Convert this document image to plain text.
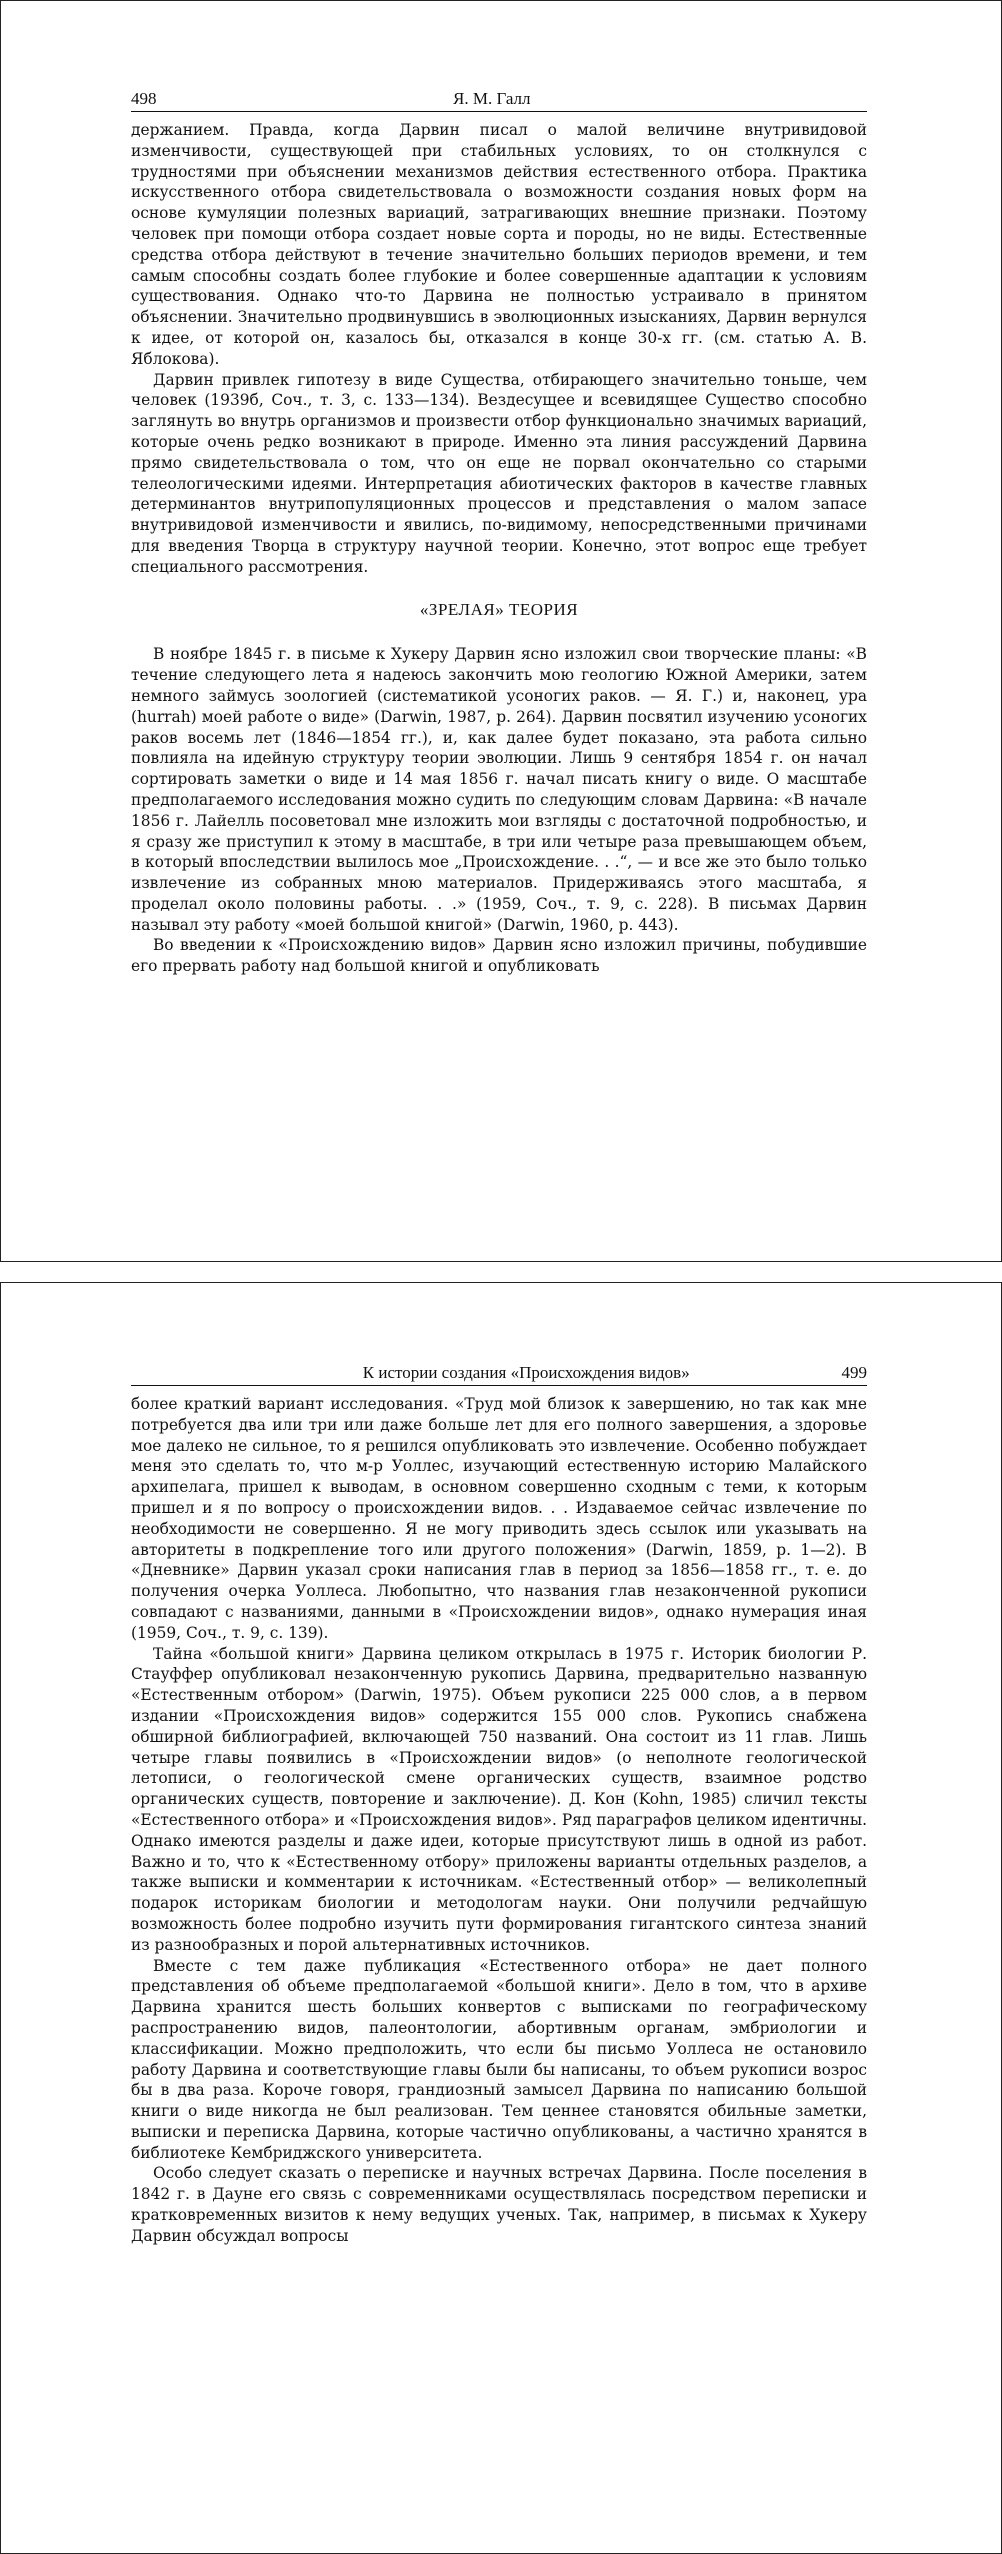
498	Я. М. Галл

держанием. Правда, когда Дарвин писал о малой величине внутривидовой изменчивости, существующей при стабильных условиях, то он столкнулся с трудностями при объяснении механизмов действия естественного отбора. Практика искусственного отбора свидетельствовала о возможности создания новых форм на основе кумуляции полезных вариаций, затрагивающих внешние признаки. Поэтому человек при помощи отбора создает новые сорта и породы, но не виды. Естественные средства отбора действуют в течение значительно больших периодов времени, и тем самым способны создать более глубокие и более совершенные адаптации к условиям существования. Однако что-то Дарвина не полностью устраивало в принятом объяснении. Значительно продвинувшись в эволюционных изысканиях, Дарвин вернулся к идее, от которой он, казалось бы, отказался в конце 30-х гг. (см. статью А. В. Яблокова).

Дарвин привлек гипотезу в виде Существа, отбирающего значительно тоньше, чем человек (1939б, Соч., т. 3, с. 133—134). Вездесущее и всевидящее Существо способно заглянуть во внутрь организмов и произвести отбор функционально значимых вариаций, которые очень редко возникают в природе. Именно эта линия рассуждений Дарвина прямо свидетельствовала о том, что он еще не порвал окончательно со старыми телеологическими идеями. Интерпретация абиотических факторов в качестве главных детерминантов внутрипопуляционных процессов и представления о малом запасе внутривидовой изменчивости и явились, по-видимому, непосредственными причинами для введения Творца в структуру научной теории. Конечно, этот вопрос еще требует специального рассмотрения.

«ЗРЕЛАЯ» ТЕОРИЯ

В ноябре 1845 г. в письме к Хукеру Дарвин ясно изложил свои творческие планы: «В течение следующего лета я надеюсь закончить мою геологию Южной Америки, затем немного займусь зоологией (систематикой усоногих раков. — Я. Г.) и, наконец, ура (hurrah) моей работе о виде» (Darwin, 1987, p. 264). Дарвин посвятил изучению усоногих раков восемь лет (1846—1854 гг.), и, как далее будет показано, эта работа сильно повлияла на идейную структуру теории эволюции. Лишь 9 сентября 1854 г. он начал сортировать заметки о виде и 14 мая 1856 г. начал писать книгу о виде. О масштабе предполагаемого исследования можно судить по следующим словам Дарвина: «В начале 1856 г. Лайелль посоветовал мне изложить мои взгляды с достаточной подробностью, и я сразу же приступил к этому в масштабе, в три или четыре раза превышающем объем, в который впоследствии вылилось мое „Происхождение. . .“, — и все же это было только извлечение из собранных мною материалов. Придерживаясь этого масштаба, я проделал около половины работы. . .» (1959, Соч., т. 9, с. 228). В письмах Дарвин называл эту работу «моей большой книгой» (Darwin, 1960, p. 443).

Во введении к «Происхождению видов» Дарвин ясно изложил причины, побудившие его прервать работу над большой книгой и опубликовать

К истории создания «Происхождения видов»	499

более краткий вариант исследования. «Труд мой близок к завершению, но так как мне потребуется два или три или даже больше лет для его полного завершения, а здоровье мое далеко не сильное, то я решился опубликовать это извлечение. Особенно побуждает меня это сделать то, что м-р Уоллес, изучающий естественную историю Малайского архипелага, пришел к выводам, в основном совершенно сходным с теми, к которым пришел и я по вопросу о происхождении видов. . . Издаваемое сейчас извлечение по необходимости не совершенно. Я не могу приводить здесь ссылок или указывать на авторитеты в подкрепление того или другого положения» (Darwin, 1859, p. 1—2). В «Дневнике» Дарвин указал сроки написания глав в период за 1856—1858 гг., т. е. до получения очерка Уоллеса. Любопытно, что названия глав незаконченной рукописи совпадают с названиями, данными в «Происхождении видов», однако нумерация иная (1959, Соч., т. 9, с. 139).

Тайна «большой книги» Дарвина целиком открылась в 1975 г. Историк биологии Р. Стауффер опубликовал незаконченную рукопись Дарвина, предварительно названную «Естественным отбором» (Darwin, 1975). Объем рукописи 225 000 слов, а в первом издании «Происхождения видов» содержится 155 000 слов. Рукопись снабжена обширной библиографией, включающей 750 названий. Она состоит из 11 глав. Лишь четыре главы появились в «Происхождении видов» (о неполноте геологической летописи, о геологической смене органических существ, взаимное родство органических существ, повторение и заключение). Д. Кон (Kohn, 1985) сличил тексты «Естественного отбора» и «Происхождения видов». Ряд параграфов целиком идентичны. Однако имеются разделы и даже идеи, которые присутствуют лишь в одной из работ. Важно и то, что к «Естественному отбору» приложены варианты отдельных разделов, а также выписки и комментарии к источникам. «Естественный отбор» — великолепный подарок историкам биологии и методологам науки. Они получили редчайшую возможность более подробно изучить пути формирования гигантского синтеза знаний из разнообразных и порой альтернативных источников.

Вместе с тем даже публикация «Естественного отбора» не дает полного представления об объеме предполагаемой «большой книги». Дело в том, что в архиве Дарвина хранится шесть больших конвертов с выписками по географическому распространению видов, палеонтологии, абортивным органам, эмбриологии и классификации. Можно предположить, что если бы письмо Уоллеса не остановило работу Дарвина и соответствующие главы были бы написаны, то объем рукописи возрос бы в два раза. Короче говоря, грандиозный замысел Дарвина по написанию большой книги о виде никогда не был реализован. Тем ценнее становятся обильные заметки, выписки и переписка Дарвина, которые частично опубликованы, а частично хранятся в библиотеке Кембриджского университета.

Особо следует сказать о переписке и научных встречах Дарвина. После поселения в 1842 г. в Дауне его связь с современниками осуществлялась посредством переписки и кратковременных визитов к нему ведущих ученых. Так, например, в письмах к Хукеру Дарвин обсуждал вопросы
